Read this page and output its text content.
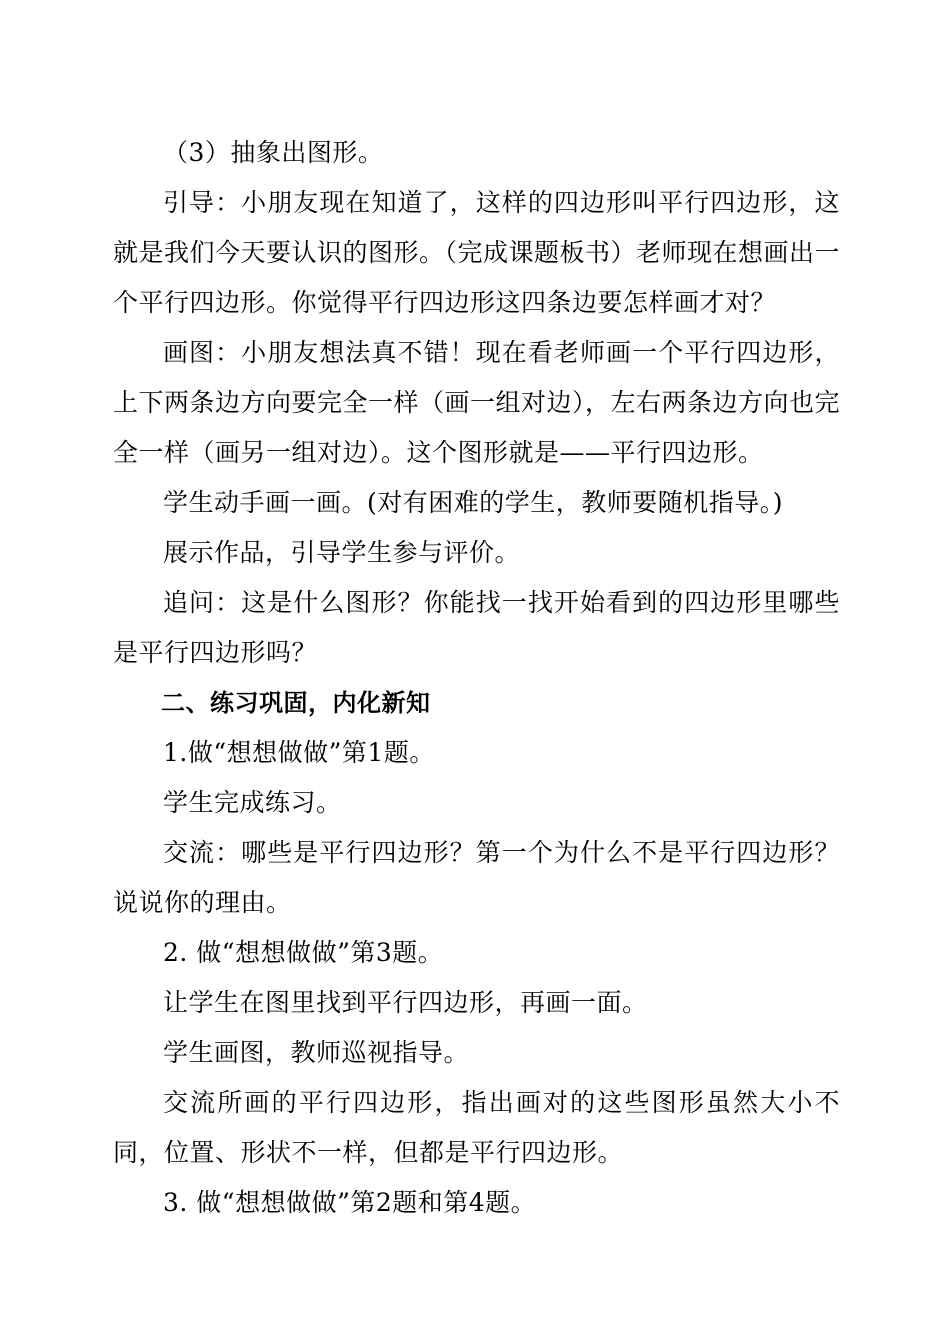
（3）抽象出图形。

引导：小朋友现在知道了，这样的四边形叫平行四边形，这就是我们今天要认识的图形。（完成课题板书）老师现在想画出一个平行四边形。你觉得平行四边形这四条边要怎样画才对？

画图：小朋友想法真不错！现在看老师画一个平行四边形，上下两条边方向要完全一样（画一组对边），左右两条边方向也完全一样（画另一组对边）。这个图形就是——平行四边形。

学生动手画一画。(对有困难的学生，教师要随机指导。)

展示作品，引导学生参与评价。

追问：这是什么图形？你能找一找开始看到的四边形里哪些是平行四边形吗？

二、练习巩固，内化新知

1.做“想想做做”第1题。

学生完成练习。

交流：哪些是平行四边形？第一个为什么不是平行四边形？说说你的理由。

2. 做“想想做做”第3题。

让学生在图里找到平行四边形，再画一面。

学生画图，教师巡视指导。

交流所画的平行四边形，指出画对的这些图形虽然大小不同，位置、形状不一样，但都是平行四边形。

3. 做“想想做做”第2题和第4题。
